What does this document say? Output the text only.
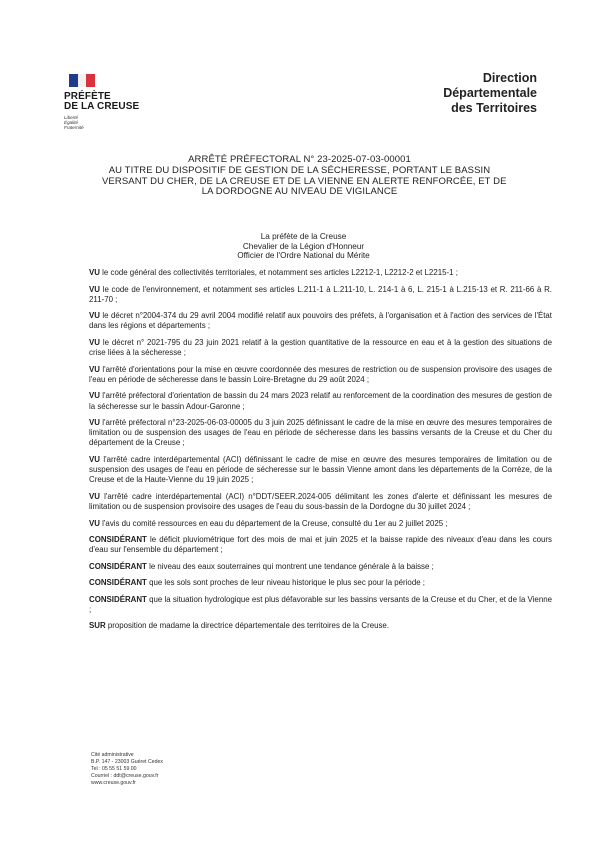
PRÉFÈTE
DE LA CREUSE
Liberté
Égalité
Fraternité
Direction
Départementale
des Territoires
ARRÊTÉ PRÉFECTORAL N° 23-2025-07-03-00001
AU TITRE DU DISPOSITIF DE GESTION DE LA SÉCHERESSE, PORTANT LE BASSIN
VERSANT DU CHER, DE LA CREUSE ET DE LA VIENNE EN ALERTE RENFORCÉE, ET DE
LA DORDOGNE AU NIVEAU DE VIGILANCE
La préfète de la Creuse
Chevalier de la Légion d'Honneur
Officier de l'Ordre National du Mérite

VU le code général des collectivités territoriales, et notamment ses articles L2212-1, L2212-2 et L2215-1 ;

VU le code de l'environnement, et notamment ses articles L.211-1 à L.211-10, L. 214-1 à 6, L. 215-1 à L.215-13 et R. 211-66 à R. 211-70 ;

VU le décret n°2004-374 du 29 avril 2004 modifié relatif aux pouvoirs des préfets, à l'organisation et à l'action des services de l'État dans les régions et départements ;

VU le décret n° 2021-795 du 23 juin 2021 relatif à la gestion quantitative de la ressource en eau et à la gestion des situations de crise liées à la sécheresse ;

VU l'arrêté d'orientations pour la mise en œuvre coordonnée des mesures de restriction ou de suspension provisoire des usages de l'eau en période de sécheresse dans le bassin Loire-Bretagne du 29 août 2024 ;

VU l'arrêté préfectoral d'orientation de bassin du 24 mars 2023 relatif au renforcement de la coordination des mesures de gestion de la sécheresse sur le bassin Adour-Garonne ;

VU l'arrêté préfectoral n°23-2025-06-03-00005 du 3 juin 2025 définissant le cadre de la mise en œuvre des mesures temporaires de limitation ou de suspension des usages de l'eau en période de sécheresse dans les bassins versants de la Creuse et du Cher du département de la Creuse ;

VU l'arrêté cadre interdépartemental (ACI) définissant le cadre de mise en œuvre des mesures temporaires de limitation ou de suspension des usages de l'eau en période de sécheresse sur le bassin Vienne amont dans les départements de la Corrèze, de la Creuse et de la Haute-Vienne du 19 juin 2025 ;

VU l'arrêté cadre interdépartemental (ACI) n°DDT/SEER.2024-005 délimitant les zones d'alerte et définissant les mesures de limitation ou de suspension provisoire des usages de l'eau du sous-bassin de la Dordogne du 30 juillet 2024 ;

VU l'avis du comité ressources en eau du département de la Creuse, consulté du 1er au 2 juillet 2025 ;

CONSIDÉRANT le déficit pluviométrique fort des mois de mai et juin 2025 et la baisse rapide des niveaux d'eau dans les cours d'eau sur l'ensemble du département ;

CONSIDÉRANT le niveau des eaux souterraines qui montrent une tendance générale à la baisse ;

CONSIDÉRANT que les sols sont proches de leur niveau historique le plus sec pour la période ;

CONSIDÉRANT que la situation hydrologique est plus défavorable sur les bassins versants de la Creuse et du Cher, et de la Vienne ;

SUR proposition de madame la directrice départementale des territoires de la Creuse.

Cité administrative
B.P. 147 - 23003 Guéret Cedex
Tel : 05 55 51 59 00
Courriel : ddt@creuse.gouv.fr
www.creuse.gouv.fr
